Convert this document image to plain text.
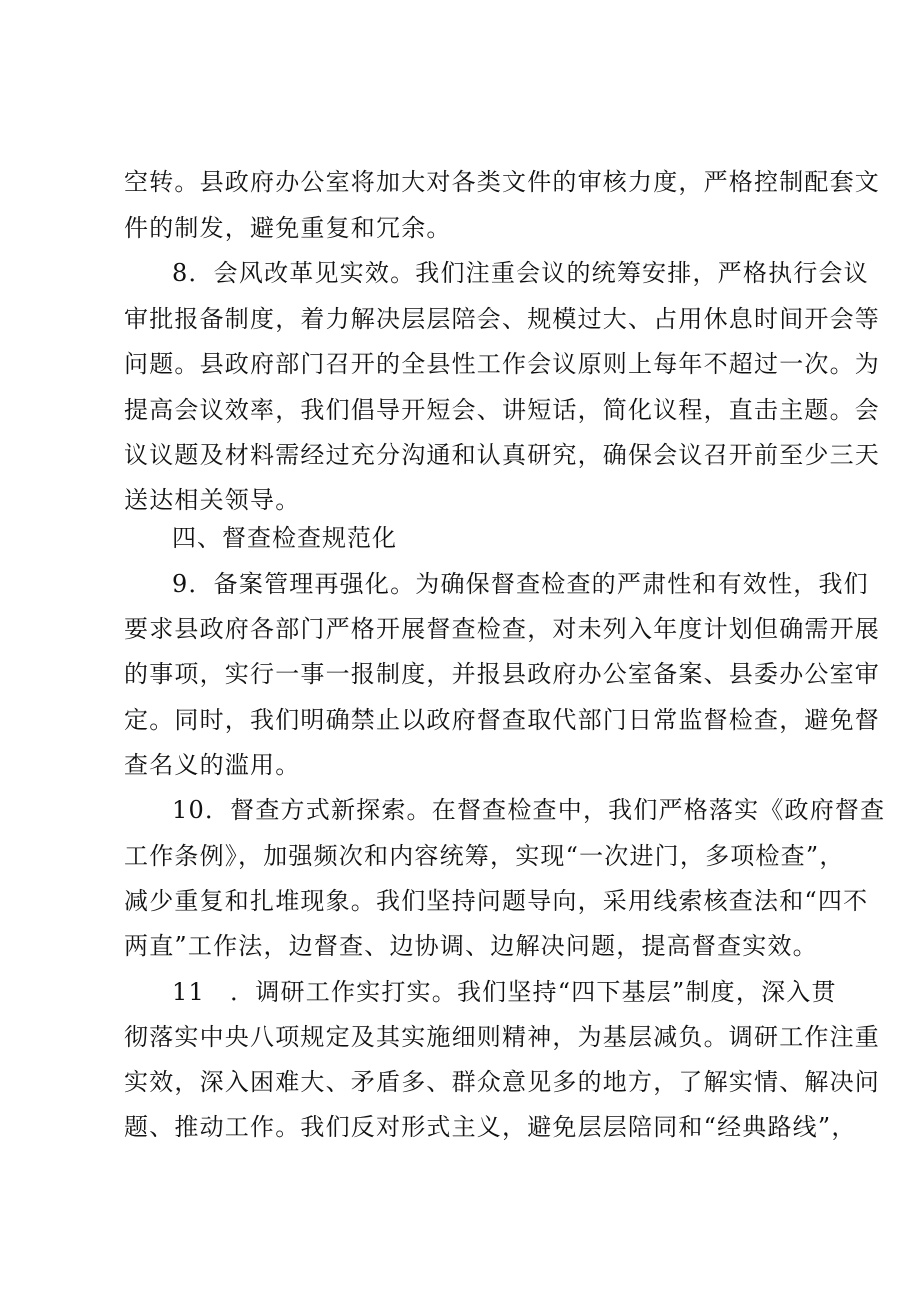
空转。县政府办公室将加大对各类文件的审核力度，严格控制配套文
件的制发，避免重复和冗余。
8．会风改革见实效。我们注重会议的统筹安排，严格执行会议
审批报备制度，着力解决层层陪会、规模过大、占用休息时间开会等
问题。县政府部门召开的全县性工作会议原则上每年不超过一次。为
提高会议效率，我们倡导开短会、讲短话，简化议程，直击主题。会
议议题及材料需经过充分沟通和认真研究，确保会议召开前至少三天
送达相关领导。
四、督查检查规范化
9．备案管理再强化。为确保督查检查的严肃性和有效性，我们
要求县政府各部门严格开展督查检查，对未列入年度计划但确需开展
的事项，实行一事一报制度，并报县政府办公室备案、县委办公室审
定。同时，我们明确禁止以政府督查取代部门日常监督检查，避免督
查名义的滥用。
10．督查方式新探索。在督查检查中，我们严格落实《政府督查
工作条例》，加强频次和内容统筹，实现“一次进门，多项检查”，
减少重复和扎堆现象。我们坚持问题导向，采用线索核查法和“四不
两直”工作法，边督查、边协调、边解决问题，提高督查实效。
11　．调研工作实打实。我们坚持“四下基层”制度，深入贯
彻落实中央八项规定及其实施细则精神，为基层减负。调研工作注重
实效，深入困难大、矛盾多、群众意见多的地方，了解实情、解决问
题、推动工作。我们反对形式主义，避免层层陪同和“经典路线”，
